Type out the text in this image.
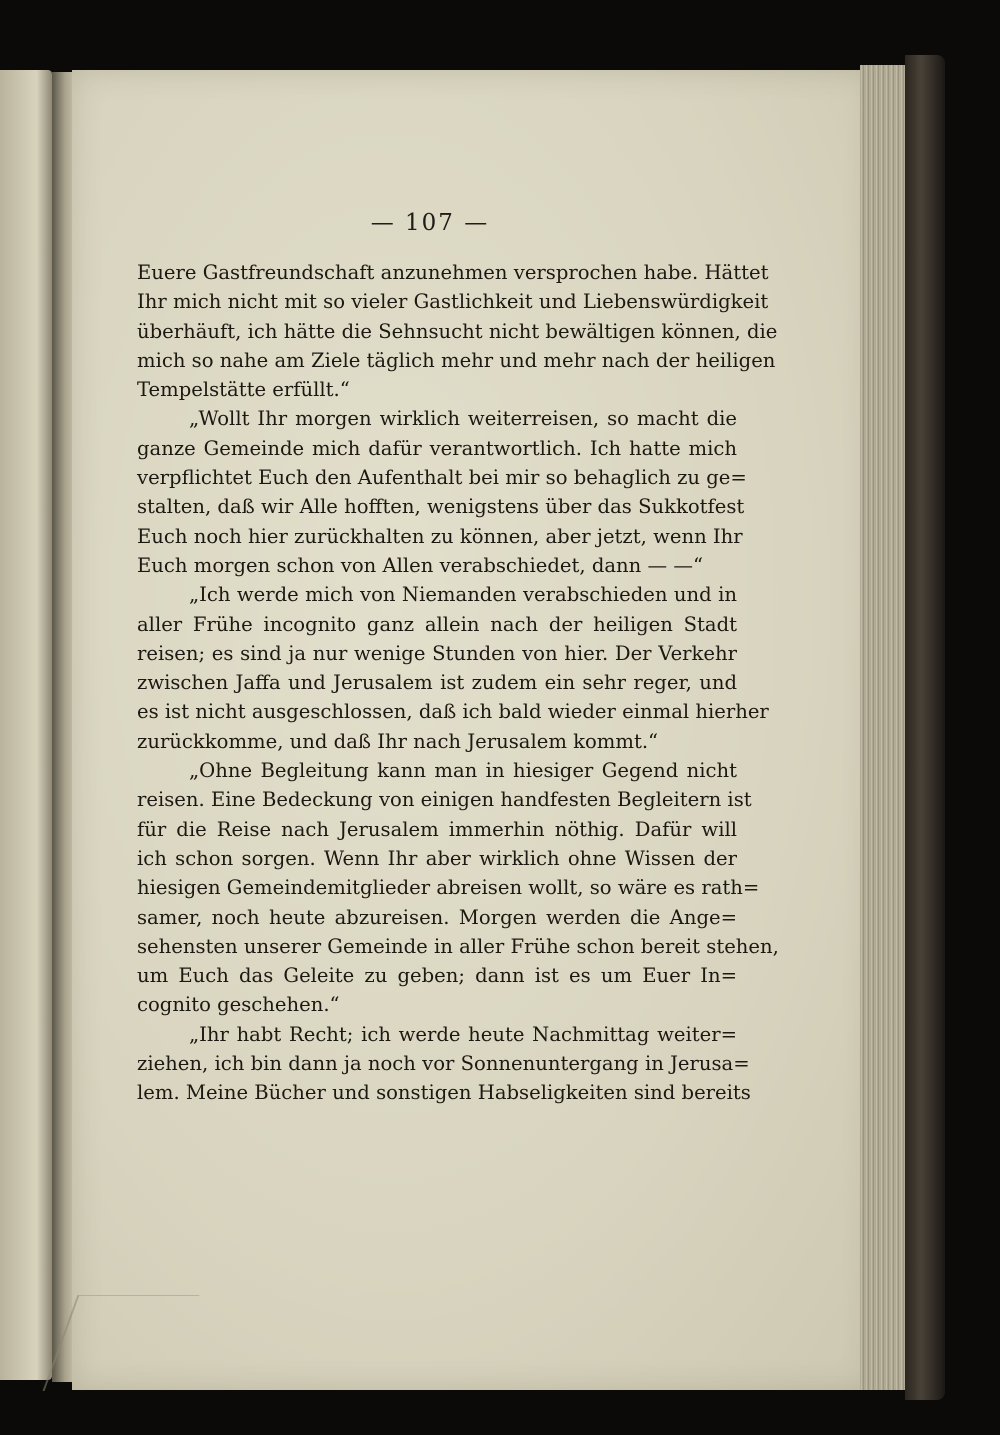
— 107 —
Euere Gastfreundschaft anzunehmen versprochen habe. Hättet
Ihr mich nicht mit so vieler Gastlichkeit und Liebenswürdigkeit
überhäuft, ich hätte die Sehnsucht nicht bewältigen können, die
mich so nahe am Ziele täglich mehr und mehr nach der heiligen
Tempelstätte erfüllt.“
„Wollt Ihr morgen wirklich weiterreisen, so macht die
ganze Gemeinde mich dafür verantwortlich. Ich hatte mich
verpflichtet Euch den Aufenthalt bei mir so behaglich zu ge=
stalten, daß wir Alle hofften, wenigstens über das Sukkotfest
Euch noch hier zurückhalten zu können, aber jetzt, wenn Ihr
Euch morgen schon von Allen verabschiedet, dann — —“
„Ich werde mich von Niemanden verabschieden und in
aller Frühe incognito ganz allein nach der heiligen Stadt
reisen; es sind ja nur wenige Stunden von hier. Der Verkehr
zwischen Jaffa und Jerusalem ist zudem ein sehr reger, und
es ist nicht ausgeschlossen, daß ich bald wieder einmal hierher
zurückkomme, und daß Ihr nach Jerusalem kommt.“
„Ohne Begleitung kann man in hiesiger Gegend nicht
reisen. Eine Bedeckung von einigen handfesten Begleitern ist
für die Reise nach Jerusalem immerhin nöthig. Dafür will
ich schon sorgen. Wenn Ihr aber wirklich ohne Wissen der
hiesigen Gemeindemitglieder abreisen wollt, so wäre es rath=
samer, noch heute abzureisen. Morgen werden die Ange=
sehensten unserer Gemeinde in aller Frühe schon bereit stehen,
um Euch das Geleite zu geben; dann ist es um Euer In=
cognito geschehen.“
„Ihr habt Recht; ich werde heute Nachmittag weiter=
ziehen, ich bin dann ja noch vor Sonnenuntergang in Jerusa=
lem. Meine Bücher und sonstigen Habseligkeiten sind bereits
